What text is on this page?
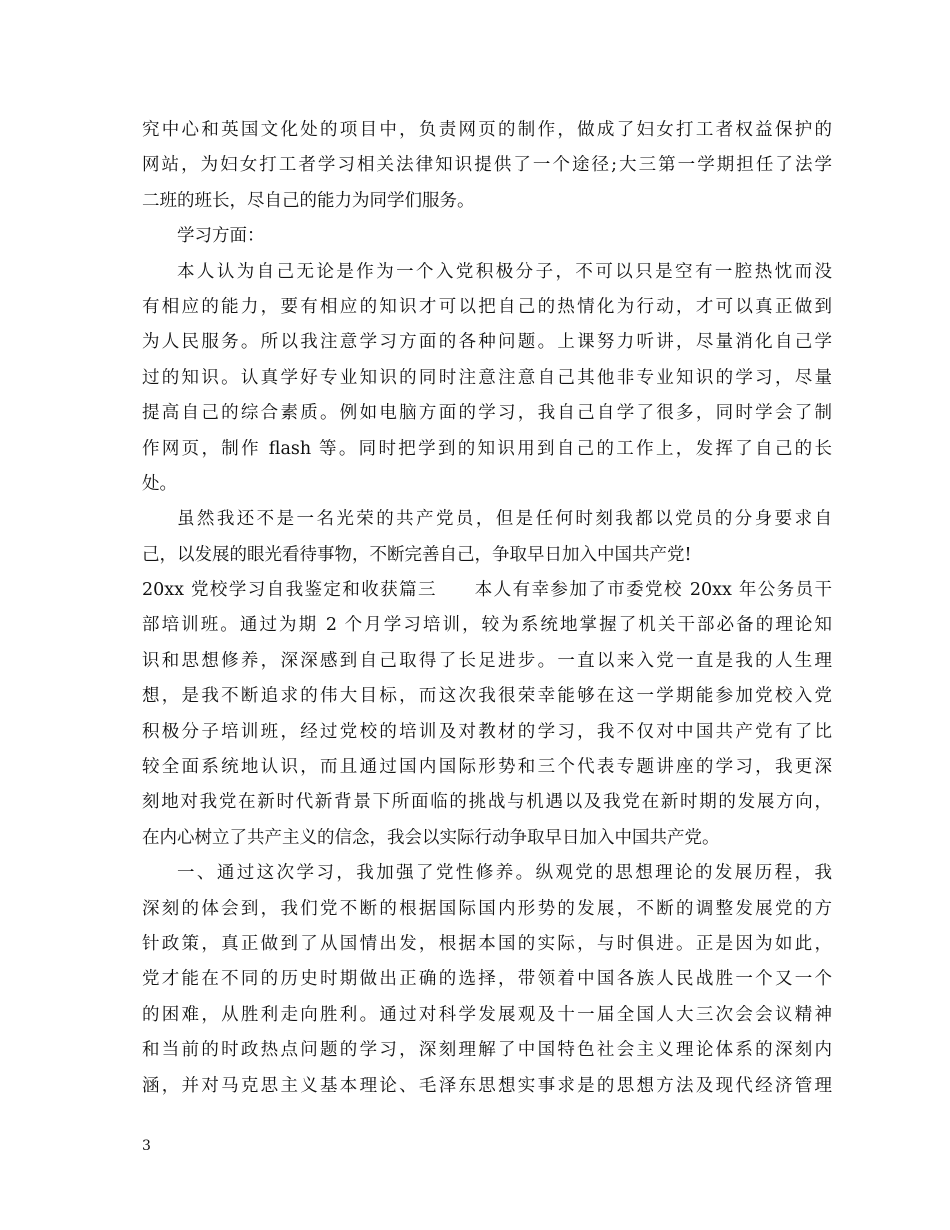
究中心和英国文化处的项目中，负责网页的制作，做成了妇女打工者权益保护的
网站，为妇女打工者学习相关法律知识提供了一个途径;大三第一学期担任了法学
二班的班长，尽自己的能力为同学们服务。
学习方面：
本人认为自己无论是作为一个入党积极分子，不可以只是空有一腔热忱而没
有相应的能力，要有相应的知识才可以把自己的热情化为行动，才可以真正做到
为人民服务。所以我注意学习方面的各种问题。上课努力听讲，尽量消化自己学
过的知识。认真学好专业知识的同时注意注意自己其他非专业知识的学习，尽量
提高自己的综合素质。例如电脑方面的学习，我自己自学了很多，同时学会了制
作网页，制作 flash 等。同时把学到的知识用到自己的工作上，发挥了自己的长
处。
虽然我还不是一名光荣的共产党员，但是任何时刻我都以党员的分身要求自
己，以发展的眼光看待事物，不断完善自己，争取早日加入中国共产党!
20xx 党校学习自我鉴定和收获篇三　　本人有幸参加了市委党校 20xx 年公务员干
部培训班。通过为期 2 个月学习培训，较为系统地掌握了机关干部必备的理论知
识和思想修养，深深感到自己取得了长足进步。一直以来入党一直是我的人生理
想，是我不断追求的伟大目标，而这次我很荣幸能够在这一学期能参加党校入党
积极分子培训班，经过党校的培训及对教材的学习，我不仅对中国共产党有了比
较全面系统地认识，而且通过国内国际形势和三个代表专题讲座的学习，我更深
刻地对我党在新时代新背景下所面临的挑战与机遇以及我党在新时期的发展方向，
在内心树立了共产主义的信念，我会以实际行动争取早日加入中国共产党。
一、通过这次学习，我加强了党性修养。纵观党的思想理论的发展历程，我
深刻的体会到，我们党不断的根据国际国内形势的发展，不断的调整发展党的方
针政策，真正做到了从国情出发，根据本国的实际，与时俱进。正是因为如此，
党才能在不同的历史时期做出正确的选择，带领着中国各族人民战胜一个又一个
的困难，从胜利走向胜利。通过对科学发展观及十一届全国人大三次会会议精神
和当前的时政热点问题的学习，深刻理解了中国特色社会主义理论体系的深刻内
涵，并对马克思主义基本理论、毛泽东思想实事求是的思想方法及现代经济管理
3
